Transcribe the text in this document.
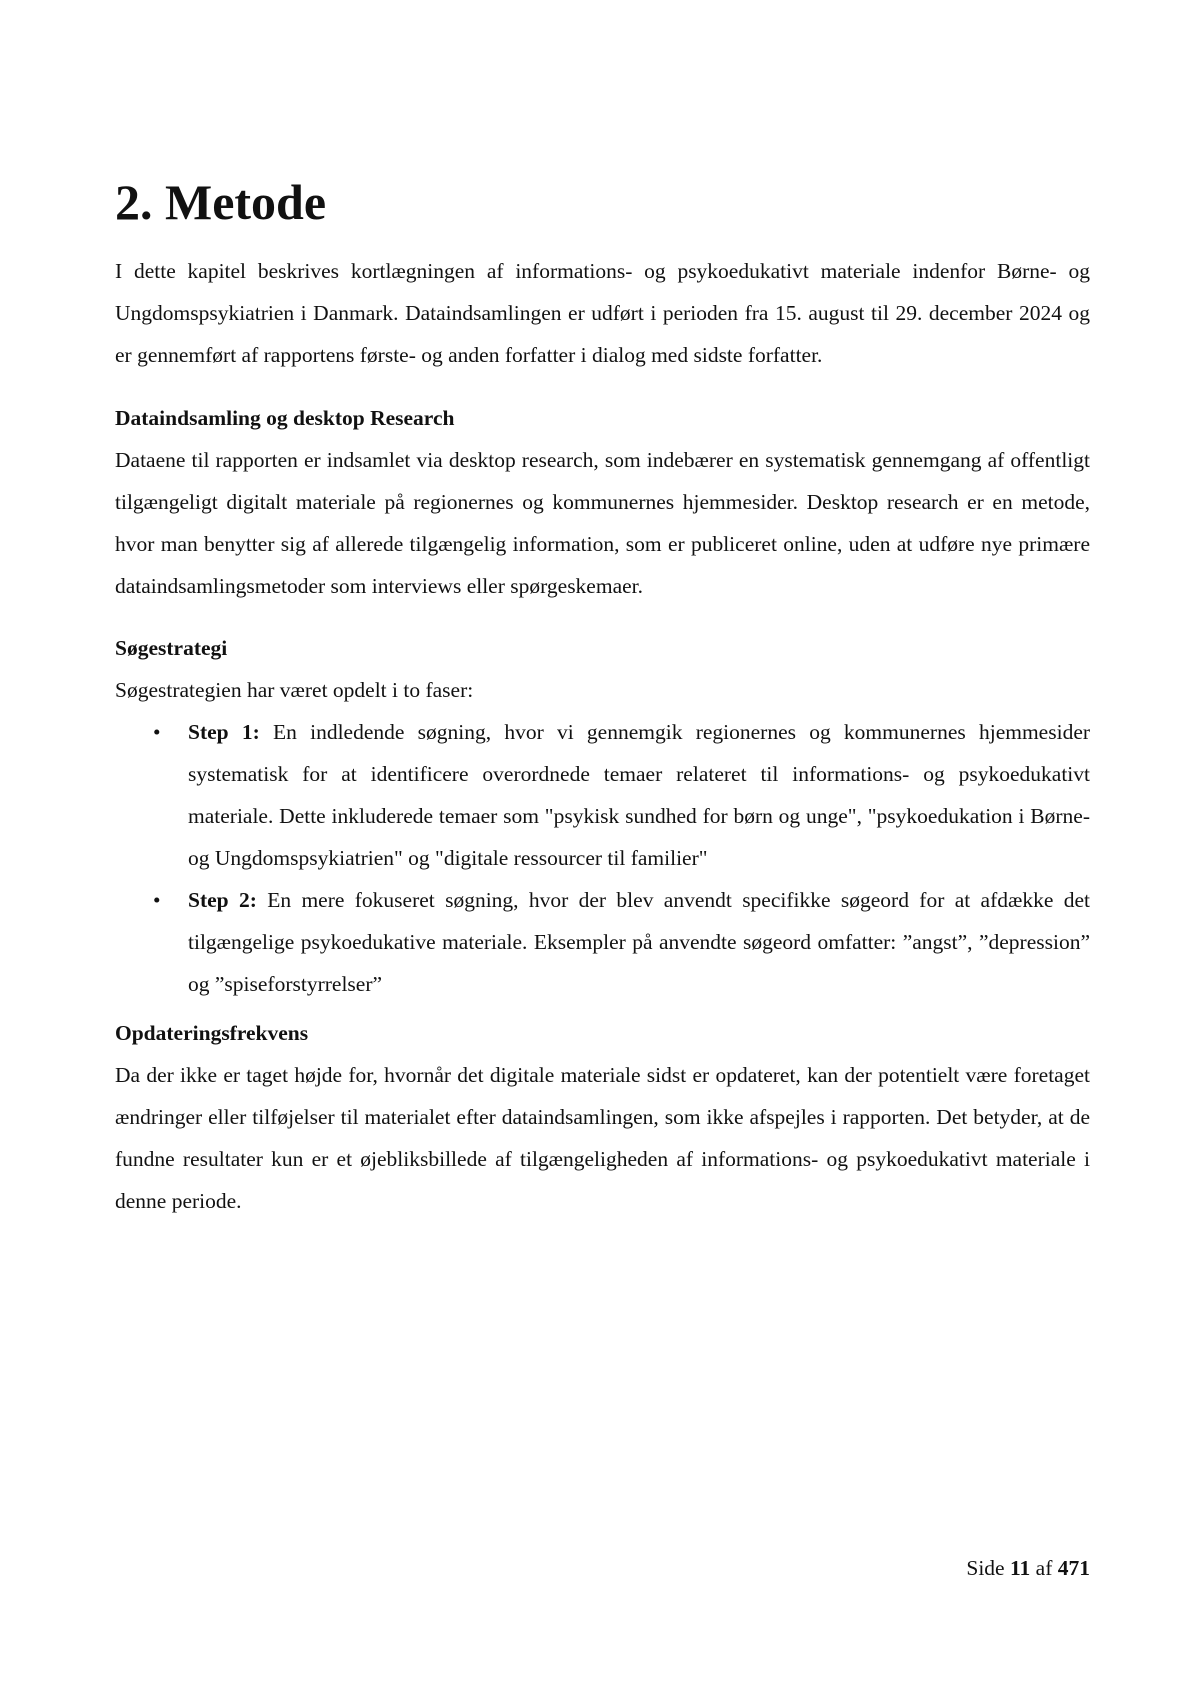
2. Metode

I dette kapitel beskrives kortlægningen af informations- og psykoedukativt materiale indenfor Børne- og Ungdomspsykiatrien i Danmark. Dataindsamlingen er udført i perioden fra 15. august til 29. december 2024 og er gennemført af rapportens første- og anden forfatter i dialog med sidste forfatter.

Dataindsamling og desktop Research

Dataene til rapporten er indsamlet via desktop research, som indebærer en systematisk gennemgang af offentligt tilgængeligt digitalt materiale på regionernes og kommunernes hjemmesider. Desktop research er en metode, hvor man benytter sig af allerede tilgængelig information, som er publiceret online, uden at udføre nye primære dataindsamlingsmetoder som interviews eller spørgeskemaer.

Søgestrategi

Søgestrategien har været opdelt i to faser:

• Step 1: En indledende søgning, hvor vi gennemgik regionernes og kommunernes hjemmesider systematisk for at identificere overordnede temaer relateret til informations- og psykoedukativt materiale. Dette inkluderede temaer som "psykisk sundhed for børn og unge", "psykoedukation i Børne- og Ungdomspsykiatrien" og "digitale ressourcer til familier"
• Step 2: En mere fokuseret søgning, hvor der blev anvendt specifikke søgeord for at afdække det tilgængelige psykoedukative materiale. Eksempler på anvendte søgeord omfatter: ”angst”, ”depression” og ”spiseforstyrrelser”

Opdateringsfrekvens

Da der ikke er taget højde for, hvornår det digitale materiale sidst er opdateret, kan der potentielt være foretaget ændringer eller tilføjelser til materialet efter dataindsamlingen, som ikke afspejles i rapporten. Det betyder, at de fundne resultater kun er et øjebliksbillede af tilgængeligheden af informations- og psykoedukativt materiale i denne periode.

Side 11 af 471
